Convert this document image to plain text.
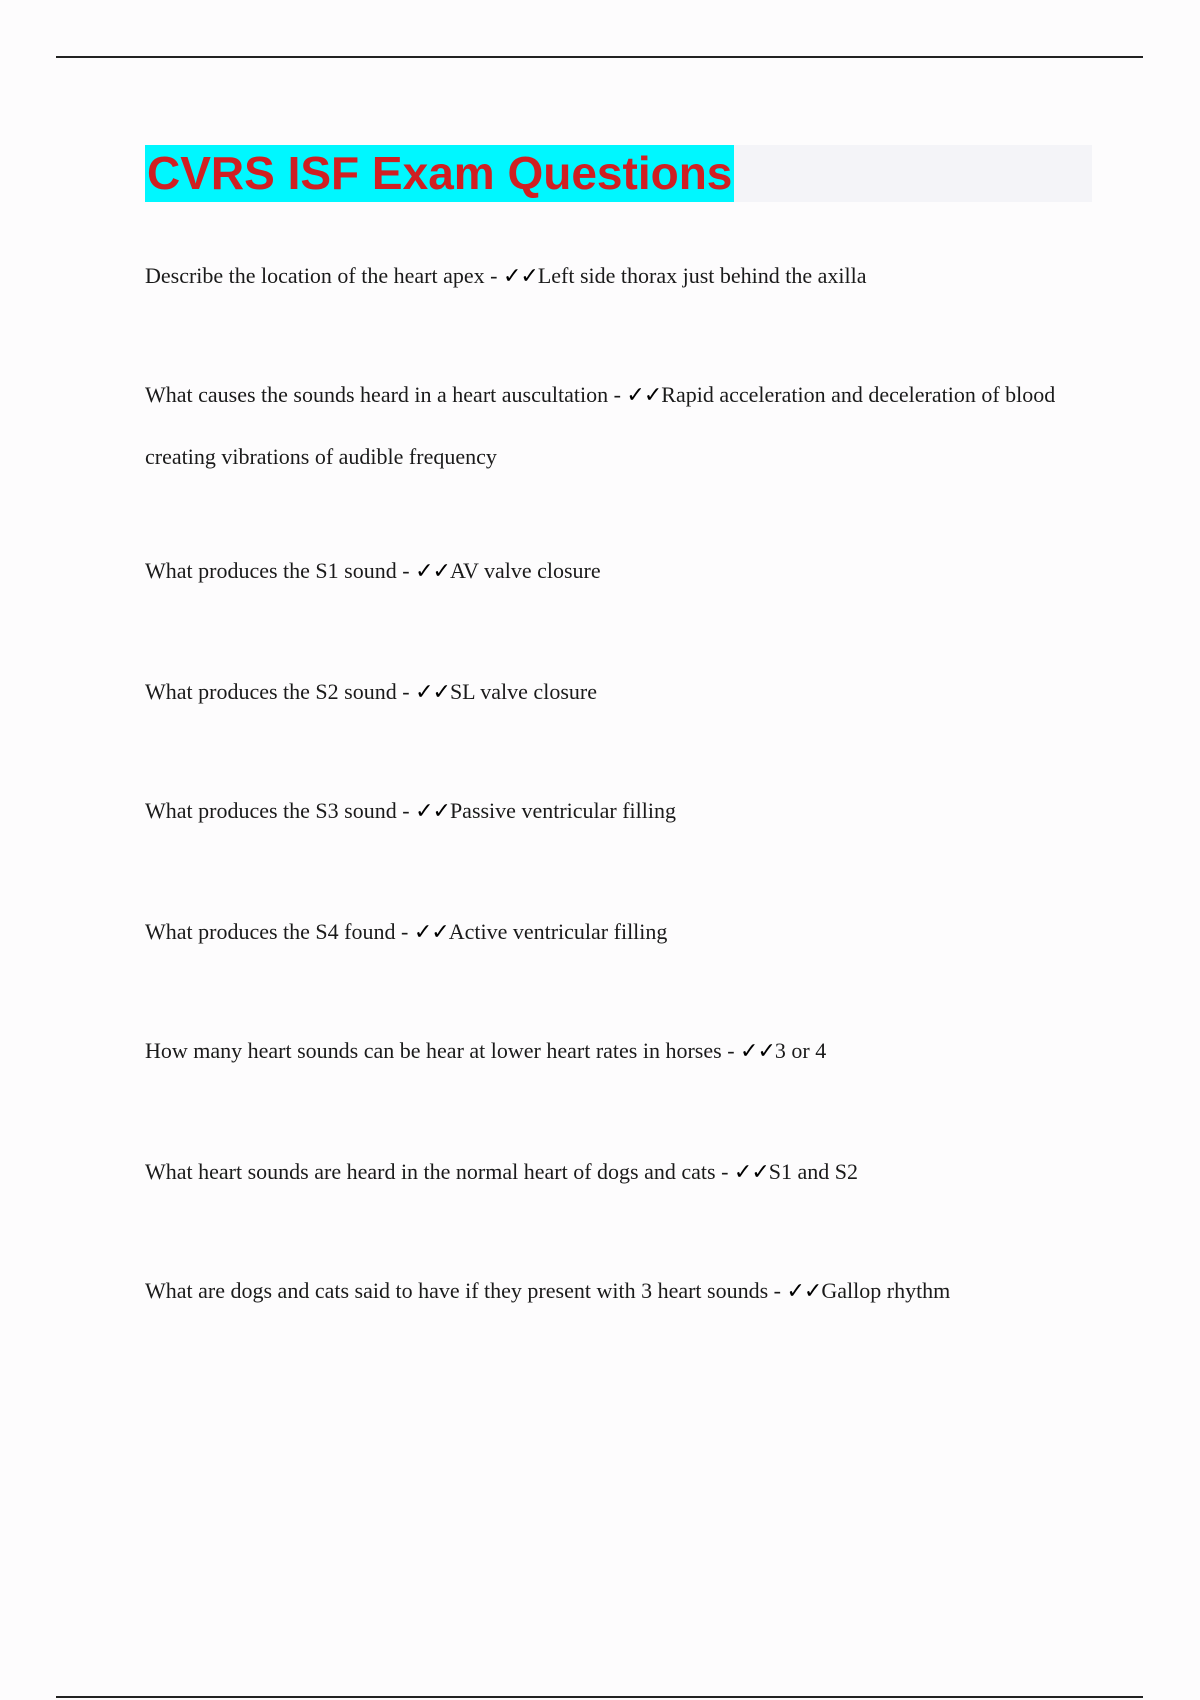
CVRS ISF Exam Questions
Describe the location of the heart apex - ✓✓Left side thorax just behind the axilla
What causes the sounds heard in a heart auscultation - ✓✓Rapid acceleration and deceleration of blood creating vibrations of audible frequency
What produces the S1 sound - ✓✓AV valve closure
What produces the S2 sound - ✓✓SL valve closure
What produces the S3 sound - ✓✓Passive ventricular filling
What produces the S4 found - ✓✓Active ventricular filling
How many heart sounds can be hear at lower heart rates in horses - ✓✓3 or 4
What heart sounds are heard in the normal heart of dogs and cats - ✓✓S1 and S2
What are dogs and cats said to have if they present with 3 heart sounds - ✓✓Gallop rhythm
